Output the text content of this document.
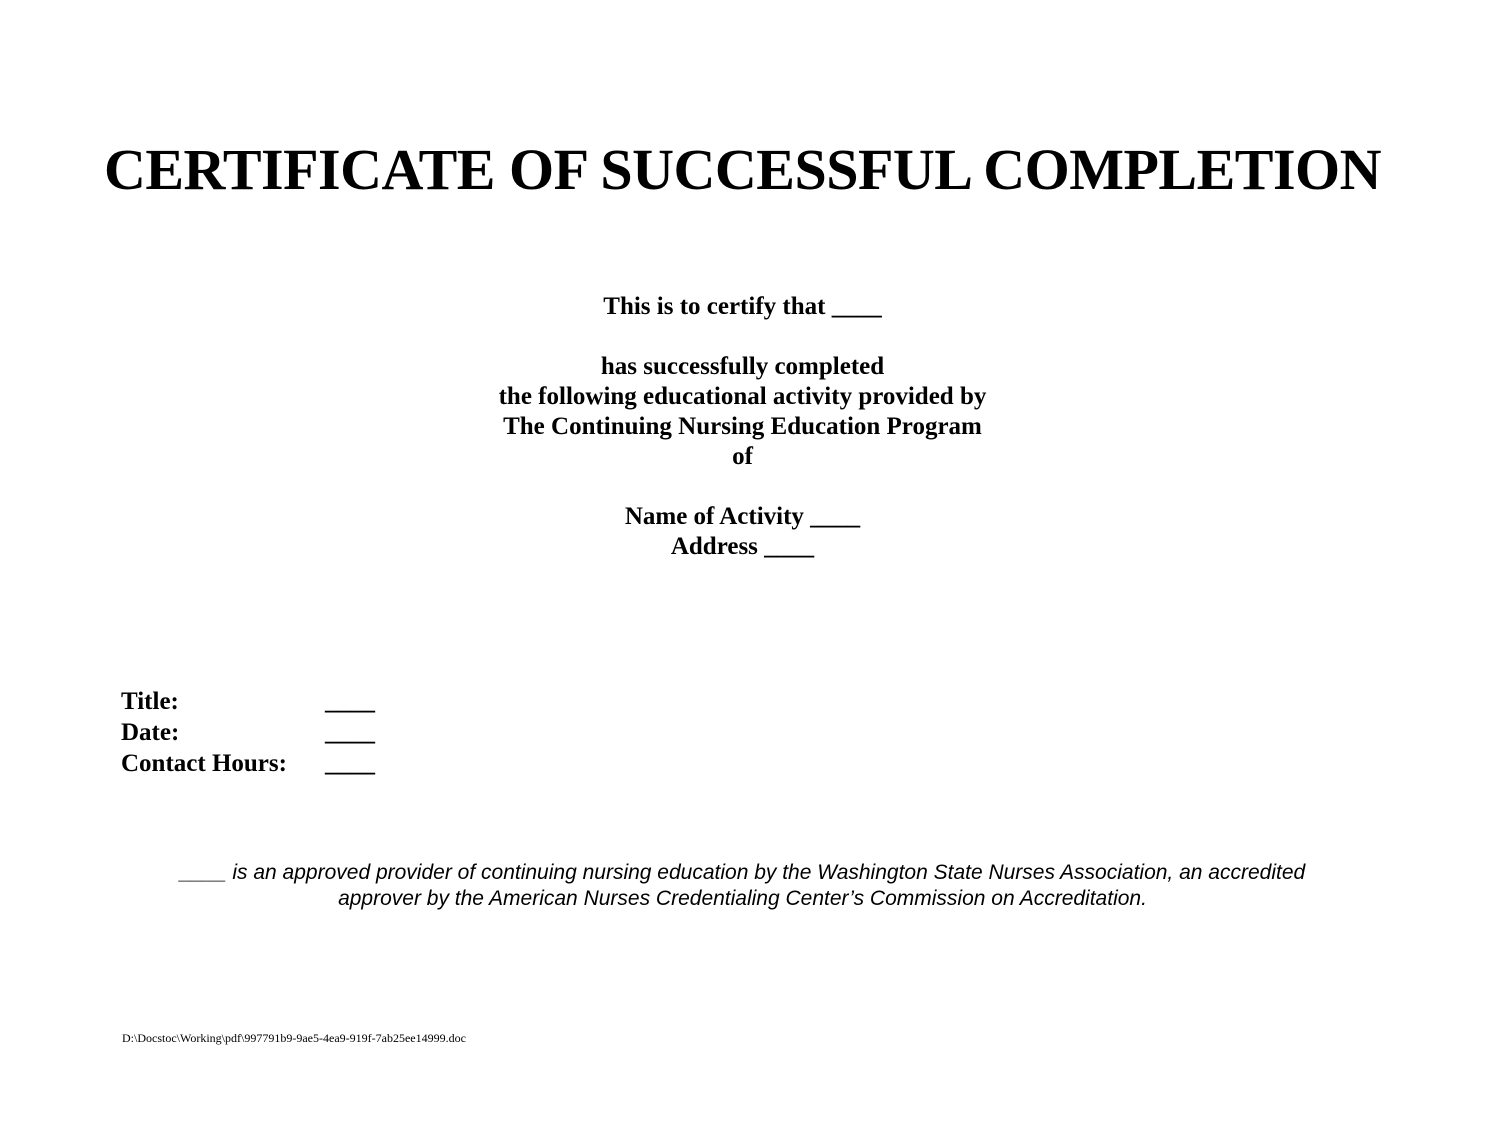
CERTIFICATE OF SUCCESSFUL COMPLETION
This is to certify that ____
has successfully completed
the following educational activity provided by
The Continuing Nursing Education Program
of
Name of Activity ____
Address ____
Title:	____
Date:	____
Contact Hours: ____
____ is an approved provider of continuing nursing education by the Washington State Nurses Association, an accredited
approver by the American Nurses Credentialing Center’s Commission on Accreditation.
D:\Docstoc\Working\pdf\997791b9-9ae5-4ea9-919f-7ab25ee14999.doc
